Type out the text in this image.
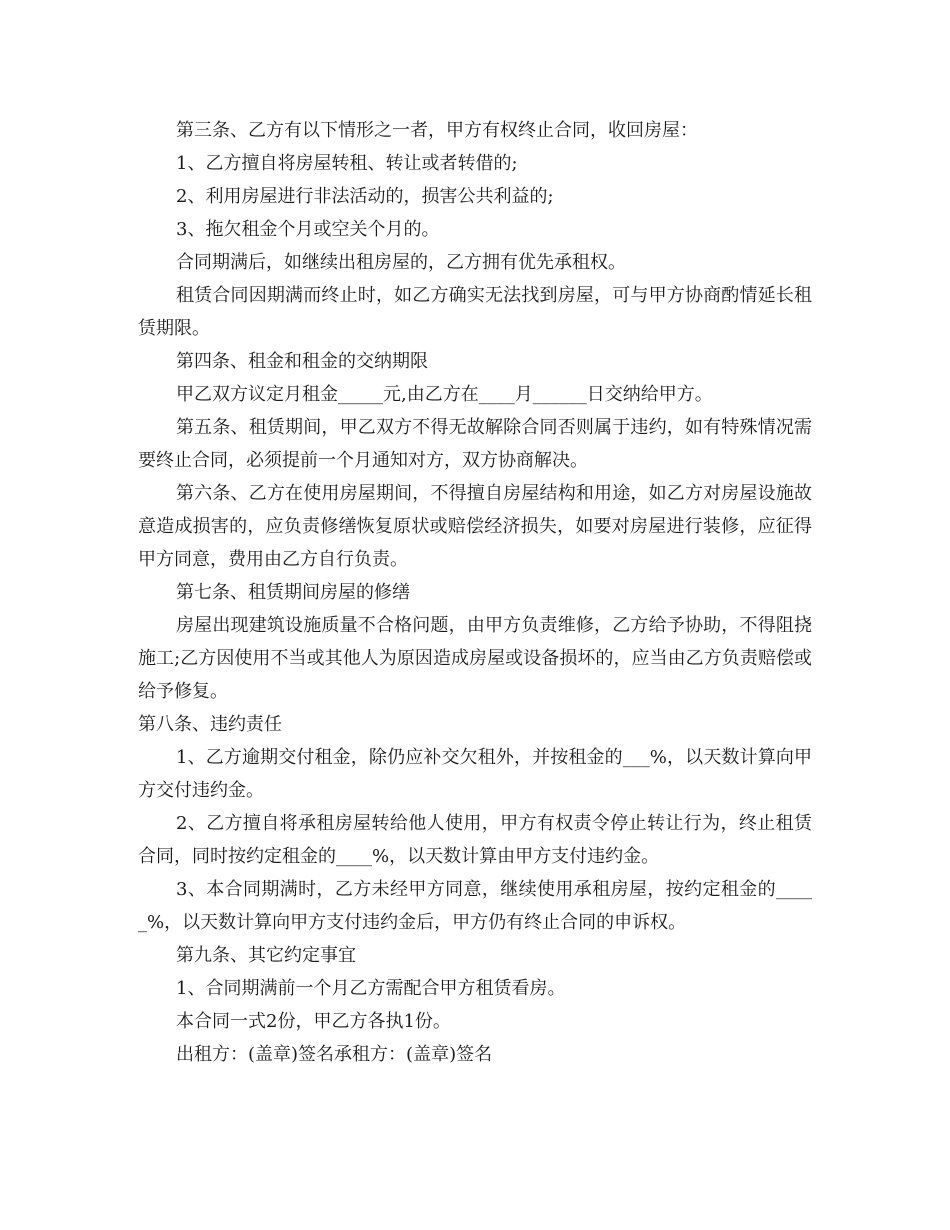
第三条、乙方有以下情形之一者，甲方有权终止合同，收回房屋：

1、乙方擅自将房屋转租、转让或者转借的;

2、利用房屋进行非法活动的，损害公共利益的;

3、拖欠租金个月或空关个月的。

合同期满后，如继续出租房屋的，乙方拥有优先承租权。

租赁合同因期满而终止时，如乙方确实无法找到房屋，可与甲方协商酌情延长租赁期限。

第四条、租金和租金的交纳期限

甲乙双方议定月租金_____元,由乙方在____月______日交纳给甲方。

第五条、租赁期间，甲乙双方不得无故解除合同否则属于违约，如有特殊情况需要终止合同，必须提前一个月通知对方，双方协商解决。

第六条、乙方在使用房屋期间，不得擅自房屋结构和用途，如乙方对房屋设施故意造成损害的，应负责修缮恢复原状或赔偿经济损失，如要对房屋进行装修，应征得甲方同意，费用由乙方自行负责。

第七条、租赁期间房屋的修缮

房屋出现建筑设施质量不合格问题，由甲方负责维修，乙方给予协助，不得阻挠施工;乙方因使用不当或其他人为原因造成房屋或设备损坏的，应当由乙方负责赔偿或给予修复。

第八条、违约责任

1、乙方逾期交付租金，除仍应补交欠租外，并按租金的___%，以天数计算向甲方交付违约金。

2、乙方擅自将承租房屋转给他人使用，甲方有权责令停止转让行为，终止租赁合同，同时按约定租金的____%，以天数计算由甲方支付违约金。

3、本合同期满时，乙方未经甲方同意，继续使用承租房屋，按约定租金的_____%，以天数计算向甲方支付违约金后，甲方仍有终止合同的申诉权。

第九条、其它约定事宜

1、合同期满前一个月乙方需配合甲方租赁看房。

本合同一式2份，甲乙方各执1份。

出租方：(盖章)签名承租方：(盖章)签名
